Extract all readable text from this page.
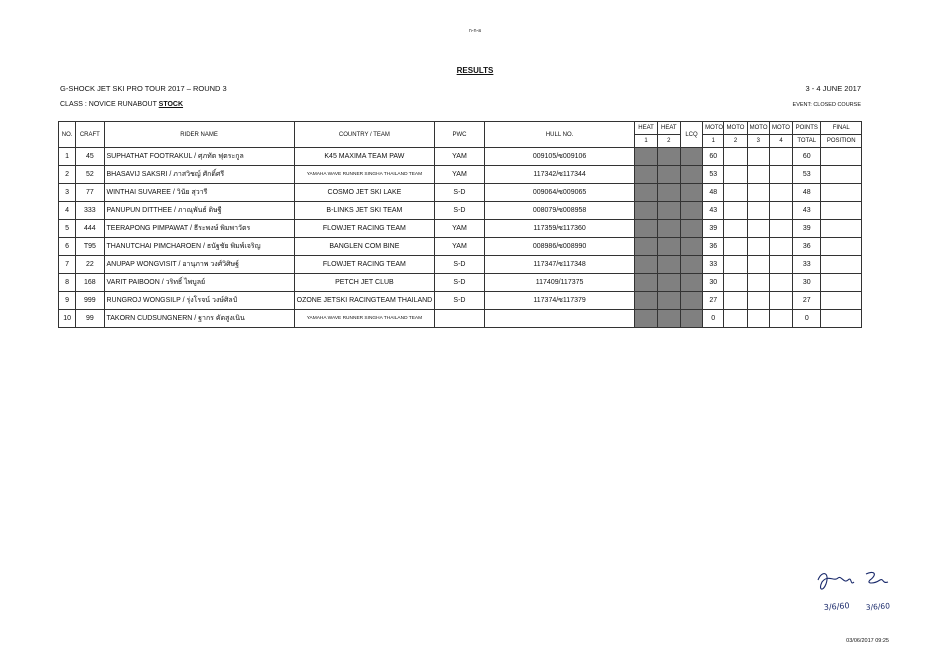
ก-ก-อ
RESULTS
G-SHOCK JET SKI PRO TOUR 2017 – ROUND 3	3 - 4 JUNE 2017
CLASS : NOVICE RUNABOUT STOCK	EVENT: CLOSED COURSE
NO.	CRAFT	RIDER NAME	COUNTRY / TEAM	PWC	HULL NO.	HEAT	HEAT	LCQ	MOTO	MOTO	MOTO	MOTO	POINTS	FINAL
						1	2		1	2	3	4	TOTAL	POSITION
1	45	SUPHATHAT FOOTRAKUL / ศุภทัต ฟุตระกูล	K45 MAXIMA TEAM PAW	YAM	009105/ซ009106				60				60	
2	52	BHASAVIJ SAKSRI / ภาสวิชญ์ ศักดิ์ศรี	YAMAHA WAVE RUNNER SINGHA THAILAND TEAM	YAM	117342/ซ117344				53				53	
3	77	WINTHAI SUVAREE / วินัย สุวารี	COSMO JET SKI LAKE	S-D	009064/ซ009065				48				48	
4	333	PANUPUN DITTHEE / ภาณุพันธ์ ดิษฐี	B-LINKS JET SKI TEAM	S-D	008079/ซ008958				43				43	
5	444	TEERAPONG PIMPAWAT / ธีระพงษ์ พิมพาวัตร	FLOWJET RACING TEAM	YAM	117359/ซ117360				39				39	
6	T95	THANUTCHAI PIMCHAROEN / ธนัฐชัย พิมพ์เจริญ	BANGLEN COM BINE	YAM	008986/ซ008990				36				36	
7	22	ANUPAP WONGVISIT / อานุภาพ วงศ์วิศิษฐ์	FLOWJET RACING TEAM	S-D	117347/ซ117348				33				33	
8	168	VARIT PAIBOON / วริทธิ์ ไพบูลย์	PETCH JET CLUB	S-D	117409/117375				30				30	
9	999	RUNGROJ WONGSILP / รุ่งโรจน์ วงษ์ศิลป์	OZONE JETSKI RACINGTEAM THAILAND	S-D	117374/ซ117379				27				27	
10	99	TAKORN CUDSUNGNERN / ฐากร คัดสูงเนิน	YAMAHA WAVE RUNNER SINGHA THAILAND TEAM						0				0	
3/6/60 3/6/60
03/06/2017 09:25
